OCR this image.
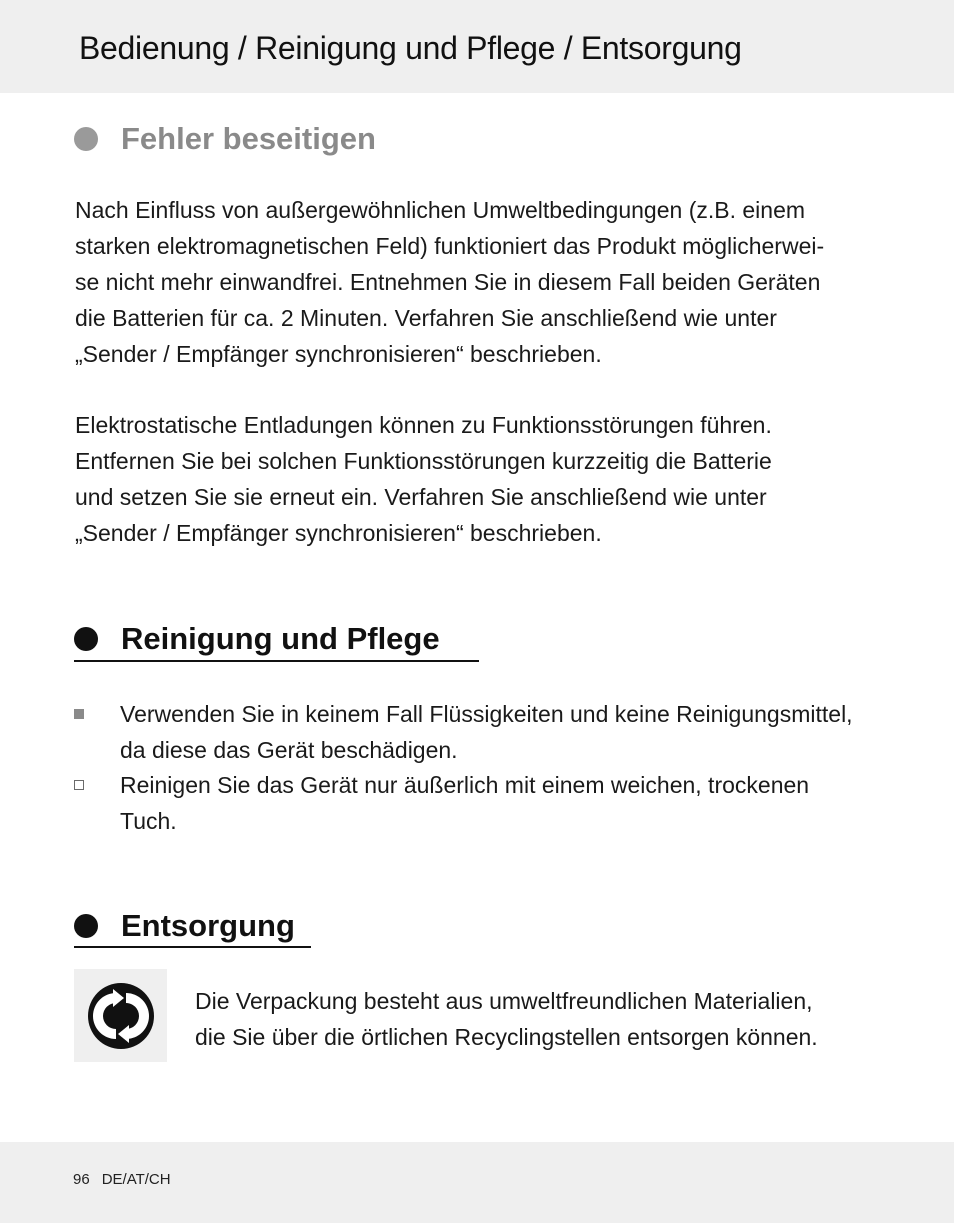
Bedienung / Reinigung und Pflege / Entsorgung
Fehler beseitigen

Nach Einfluss von außergewöhnlichen Umweltbedingungen (z.B. einem
starken elektromagnetischen Feld) funktioniert das Produkt möglicherwei-
se nicht mehr einwandfrei. Entnehmen Sie in diesem Fall beiden Geräten
die Batterien für ca. 2 Minuten. Verfahren Sie anschließend wie unter
„Sender / Empfänger synchronisieren“ beschrieben.

Elektrostatische Entladungen können zu Funktionsstörungen führen.
Entfernen Sie bei solchen Funktionsstörungen kurzzeitig die Batterie
und setzen Sie sie erneut ein. Verfahren Sie anschließend wie unter
„Sender / Empfänger synchronisieren“ beschrieben.

Reinigung und Pflege

Verwenden Sie in keinem Fall Flüssigkeiten und keine Reinigungsmittel,
da diese das Gerät beschädigen.

Reinigen Sie das Gerät nur äußerlich mit einem weichen, trockenen
Tuch.

Entsorgung

Die Verpackung besteht aus umweltfreundlichen Materialien,
die Sie über die örtlichen Recyclingstellen entsorgen können.

96 DE/AT/CH
